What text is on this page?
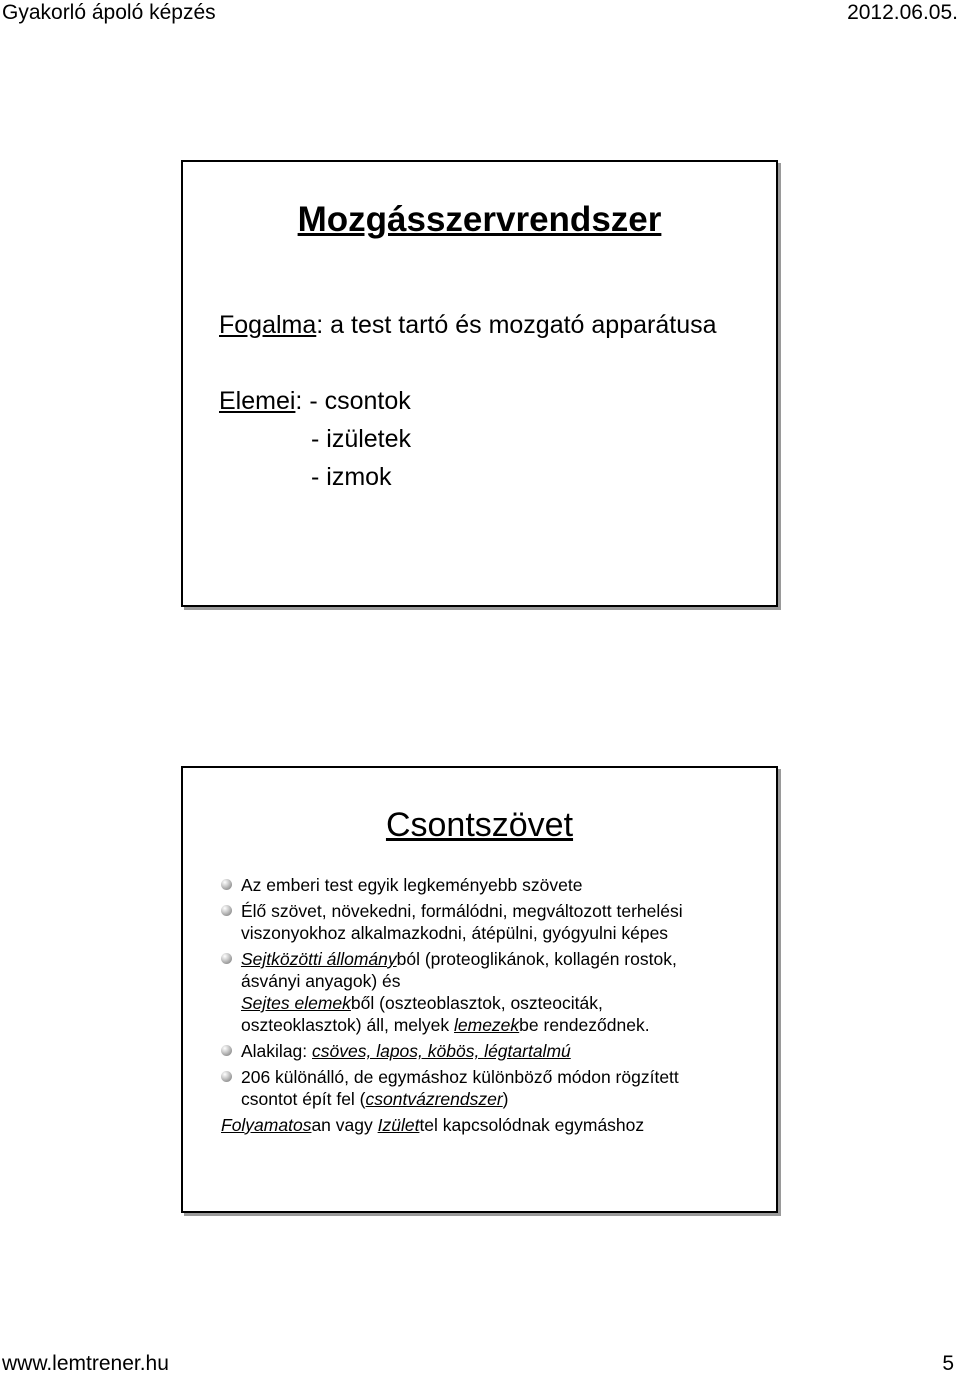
Gyakorló ápoló képzés	2012.06.05.
Mozgásszervrendszer
Fogalma: a test tartó és mozgató apparátusa
Elemei: - csontok
- izületek
- izmok
Csontszövet
Az emberi test egyik legkeményebb szövete
Élő szövet, növekedni, formálódni, megváltozott terhelési
viszonyokhoz alkalmazkodni, átépülni, gyógyulni képes
Sejtközötti állományból (proteoglikánok, kollagén rostok,
ásványi anyagok) és
Sejtes elemekből (oszteoblasztok, oszteociták,
oszteoklasztok) áll, melyek lemezekbe rendeződnek.
Alakilag: csöves, lapos, köbös, légtartalmú
206 különálló, de egymáshoz különböző módon rögzített
csontot épít fel (csontvázrendszer)
Folyamatosan vagy Izülettel kapcsolódnak egymáshoz
www.lemtrener.hu	5
